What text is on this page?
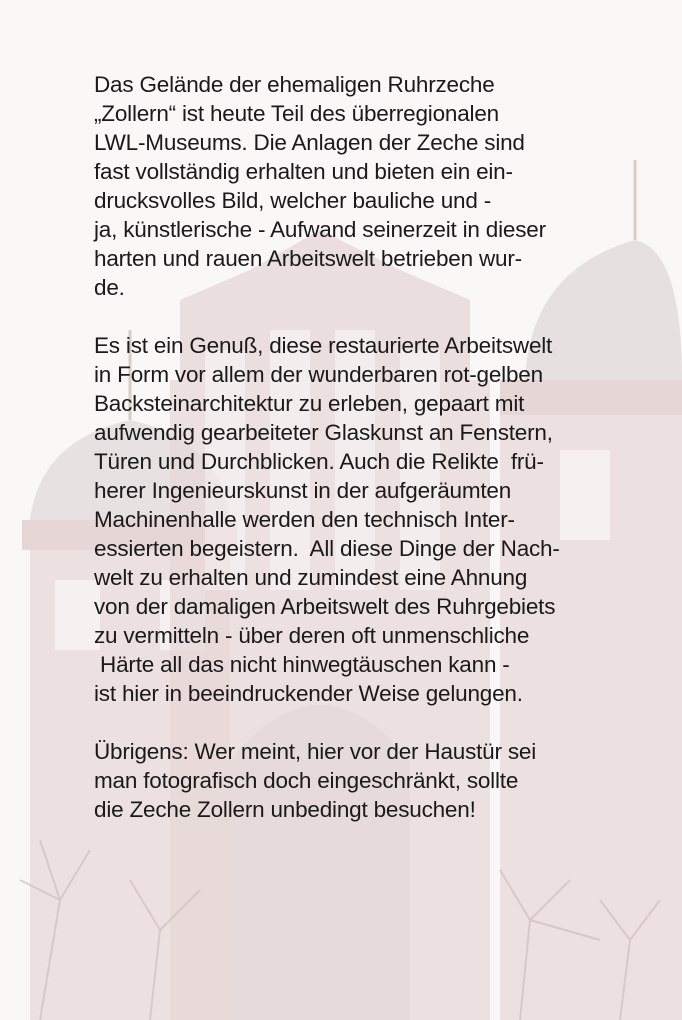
Das Gelände der ehemaligen Ruhrzeche
„Zollern“ ist heute Teil des überregionalen
LWL-Museums. Die Anlagen der Zeche sind
fast vollständig erhalten und bieten ein ein-
drucksvolles Bild, welcher bauliche und -
ja, künstlerische - Aufwand seinerzeit in dieser
harten und rauen Arbeitswelt betrieben wur-
de.

Es ist ein Genuß, diese restaurierte Arbeitswelt
in Form vor allem der wunderbaren rot-gelben
Backsteinarchitektur zu erleben, gepaart mit
aufwendig gearbeiteter Glaskunst an Fenstern,
Türen und Durchblicken. Auch die Relikte  frü-
herer Ingenieurskunst in der aufgeräumten
Machinenhalle werden den technisch Inter-
essierten begeistern.  All diese Dinge der Nach-
welt zu erhalten und zumindest eine Ahnung
von der damaligen Arbeitswelt des Ruhrgebiets
zu vermitteln - über deren oft unmenschliche
Härte all das nicht hinwegtäuschen kann -
ist hier in beeindruckender Weise gelungen.

Übrigens: Wer meint, hier vor der Haustür sei
man fotografisch doch eingeschränkt, sollte
die Zeche Zollern unbedingt besuchen!
